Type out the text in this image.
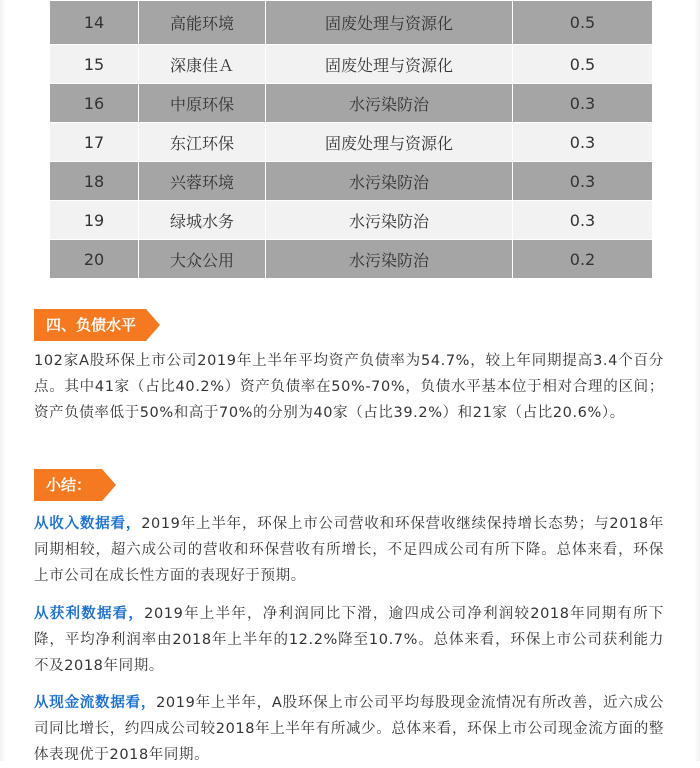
14	高能环境	固废处理与资源化	0.5
15	深康佳Ａ	固废处理与资源化	0.5
16	中原环保	水污染防治	0.3
17	东江环保	固废处理与资源化	0.3
18	兴蓉环境	水污染防治	0.3
19	绿城水务	水污染防治	0.3
20	大众公用	水污染防治	0.2
四、负债水平

102家A股环保上市公司2019年上半年平均资产负债率为54.7%，较上年同期提高3.4个百分点。其中41家（占比40.2%）资产负债率在50%-70%，负债水平基本位于相对合理的区间；资产负债率低于50%和高于70%的分别为40家（占比39.2%）和21家（占比20.6%）。

小结：

从收入数据看，2019年上半年，环保上市公司营收和环保营收继续保持增长态势；与2018年同期相较，超六成公司的营收和环保营收有所增长，不足四成公司有所下降。总体来看，环保上市公司在成长性方面的表现好于预期。

从获利数据看，2019年上半年，净利润同比下滑，逾四成公司净利润较2018年同期有所下降，平均净利润率由2018年上半年的12.2%降至10.7%。总体来看，环保上市公司获利能力不及2018年同期。

从现金流数据看，2019年上半年，A股环保上市公司平均每股现金流情况有所改善，近六成公司同比增长，约四成公司较2018年上半年有所减少。总体来看，环保上市公司现金流方面的整体表现优于2018年同期。
